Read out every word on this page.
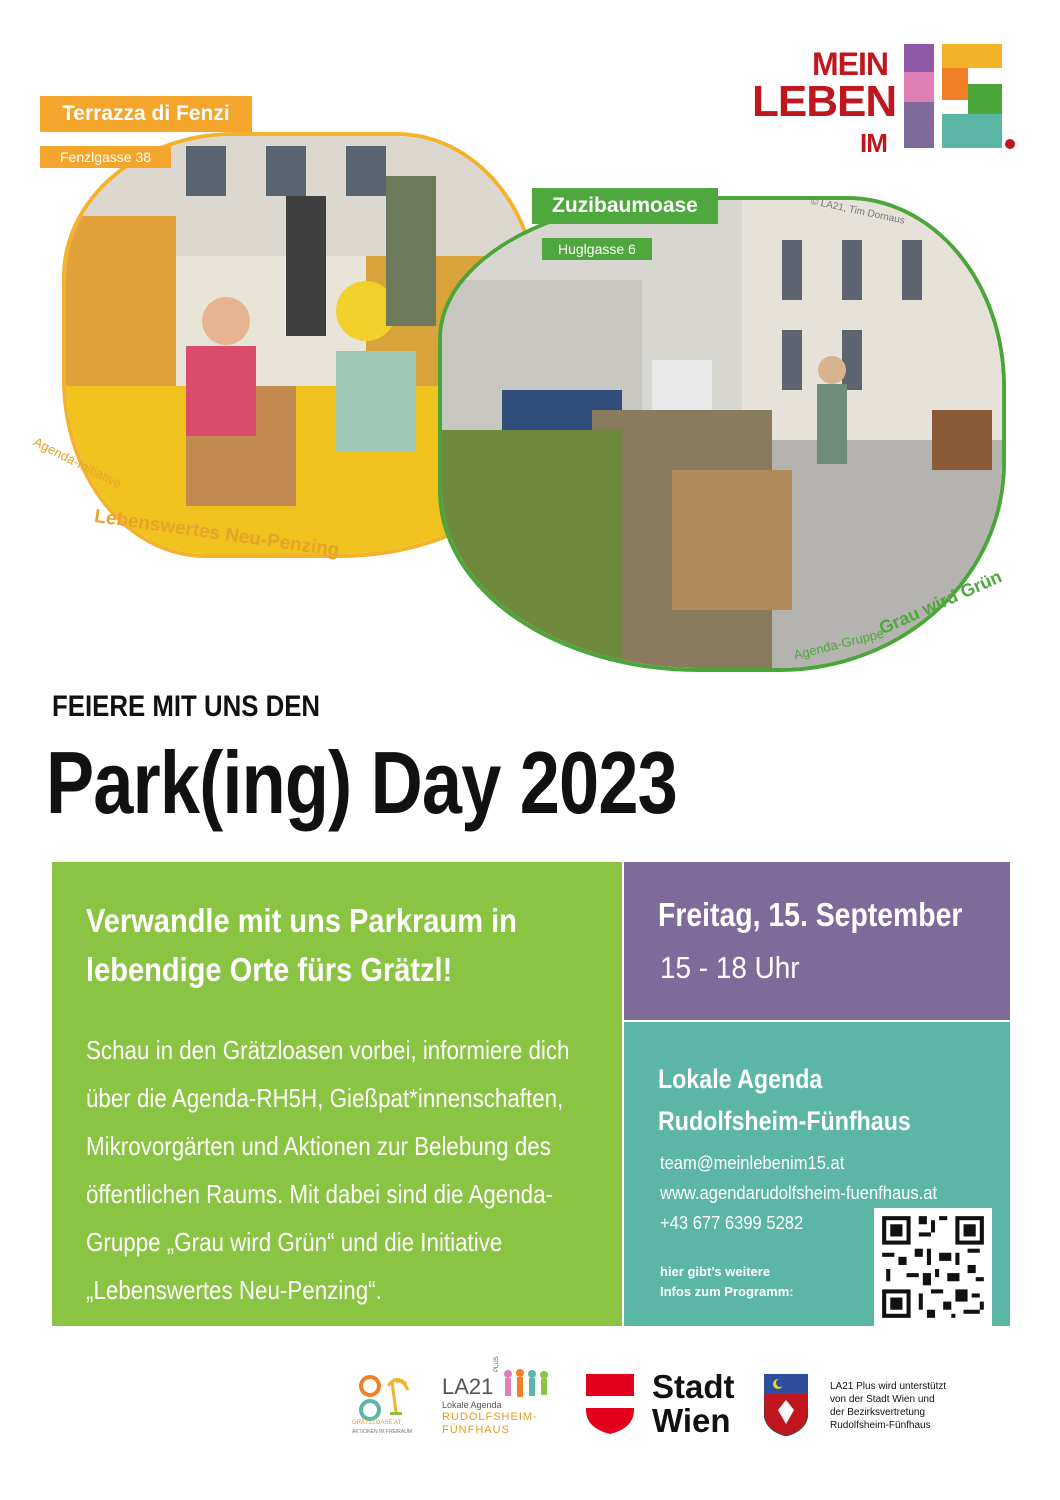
MEIN
LEBEN
IM
Terrazza di Fenzi
Fenzlgasse 38
Agenda-Initiative
Lebenswertes Neu-Penzing
Zuzibaumoase
Huglgasse 6
© LA21, Tim Dornaus
Agenda-Gruppe
Grau wird Grün
FEIERE MIT UNS DEN
Park(ing) Day 2023
Verwandle mit uns Parkraum in
lebendige Orte fürs Grätzl!
Schau in den Grätzloasen vorbei, informiere dich
über die Agenda-RH5H, Gießpat*innenschaften,
Mikrovorgärten und Aktionen zur Belebung des
öffentlichen Raums. Mit dabei sind die Agenda-
Gruppe „Grau wird Grün“ und die Initiative
„Lebenswertes Neu-Penzing“.
Freitag, 15. September
15 - 18 Uhr
Lokale Agenda
Rudolfsheim-Fünfhaus
team@meinlebenim15.at
www.agendarudolfsheim-fuenfhaus.at
+43 677 6399 5282
hier gibt’s weitere
Infos zum Programm:
GRÄTZLOASE.AT
AKTIONEN IM FREIRAUM
LA21
PLUS
Lokale Agenda
RUDOLFSHEIM-
FÜNFHAUS
Stadt
Wien
LA21 Plus wird unterstützt
von der Stadt Wien und
der Bezirksvertretung
Rudolfsheim-Fünfhaus
